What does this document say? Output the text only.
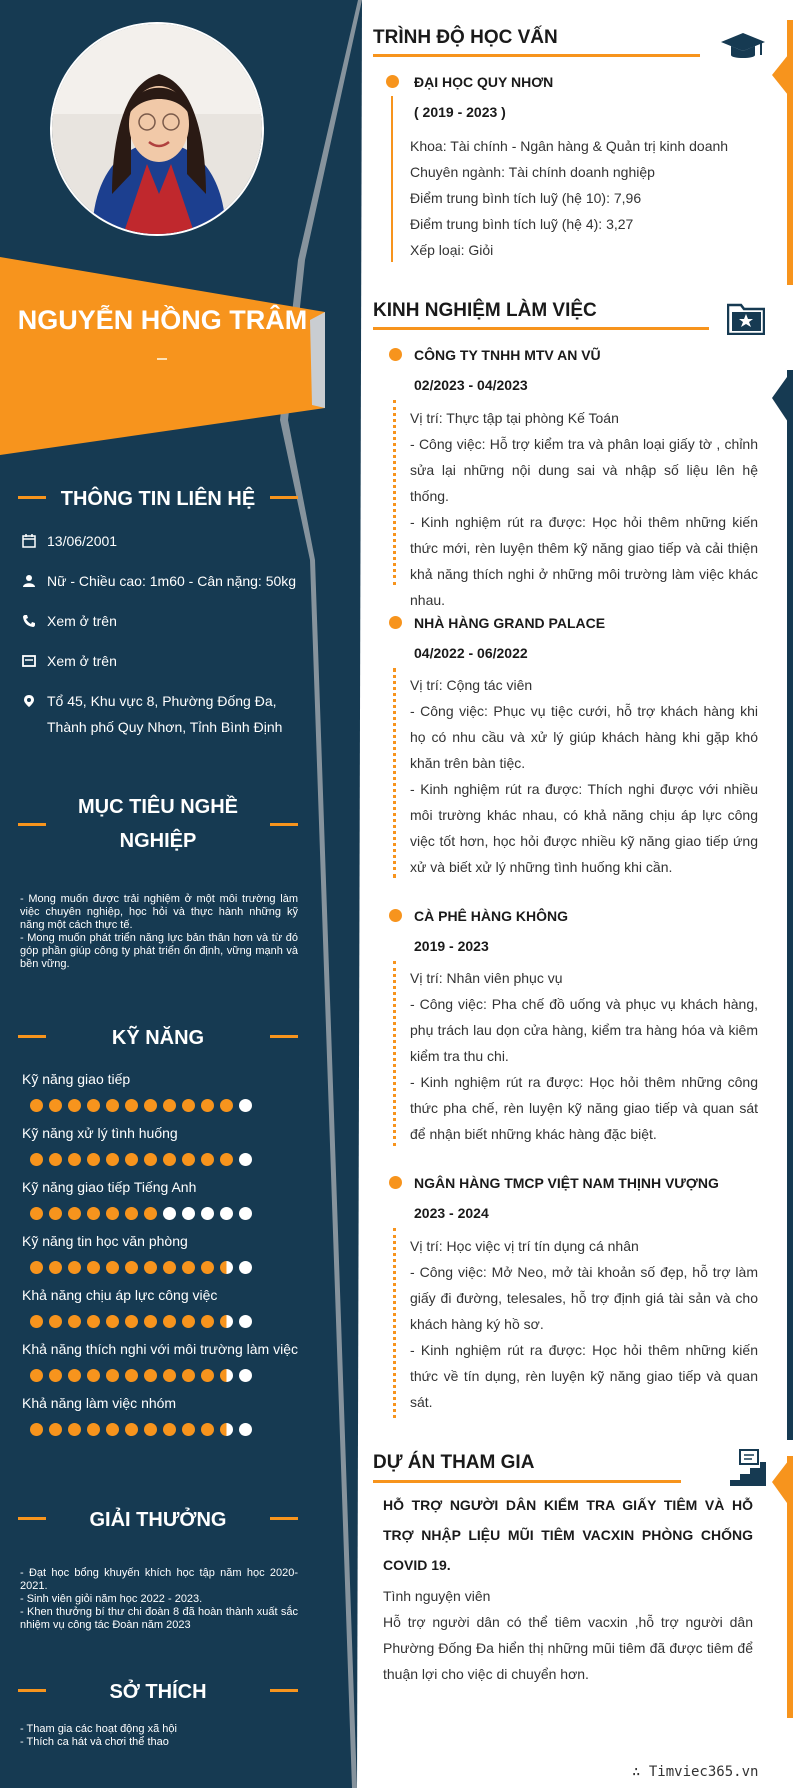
NGUYỄN HỒNG TRÂM
THÔNG TIN LIÊN HỆ
13/06/2001
Nữ - Chiều cao: 1m60 - Cân nặng: 50kg
Xem ở trên
Xem ở trên
Tổ 45, Khu vực 8, Phường Đống Đa, Thành phố Quy Nhơn, Tỉnh Bình Định
MỤC TIÊU NGHỀ NGHIỆP
- Mong muốn được trải nghiệm ở một môi trường làm việc chuyên nghiệp, học hỏi và thực hành những kỹ năng một cách thực tế.
- Mong muốn phát triển năng lực bản thân hơn và từ đó góp phần giúp công ty phát triển ổn định, vững mạnh và bền vững.
KỸ NĂNG
Kỹ năng giao tiếp
Kỹ năng xử lý tình huống
Kỹ năng giao tiếp Tiếng Anh
Kỹ năng tin học văn phòng
Khả năng chịu áp lực công việc
Khả năng thích nghi với môi trường làm việc
Khả năng làm việc nhóm
GIẢI THƯỞNG
- Đạt học bổng khuyến khích học tập năm học 2020- 2021.
- Sinh viên giỏi năm học 2022 - 2023.
- Khen thưởng bí thư chi đoàn 8 đã hoàn thành xuất sắc nhiệm vụ công tác Đoàn năm 2023
SỞ THÍCH
- Tham gia các hoạt động xã hội
- Thích ca hát và chơi thể thao
TRÌNH ĐỘ HỌC VẤN
ĐẠI HỌC QUY NHƠN
( 2019 - 2023 )

Khoa: Tài chính - Ngân hàng & Quản trị kinh doanh

Chuyên ngành: Tài chính doanh nghiệp

Điểm trung bình tích luỹ (hệ 10): 7,96

Điểm trung bình tích luỹ (hệ 4): 3,27

Xếp loại: Giỏi

KINH NGHIỆM LÀM VIỆC
CÔNG TY TNHH MTV AN VŨ
02/2023 - 04/2023

Vị trí: Thực tập tại phòng Kế Toán

- Công việc: Hỗ trợ kiểm tra và phân loại giấy tờ , chỉnh sửa lại những nội dung sai và nhập số liệu lên hệ thống.

- Kinh nghiệm rút ra được: Học hỏi thêm những kiến thức mới, rèn luyện thêm kỹ năng giao tiếp và cải thiện khả năng thích nghi ở những môi trường làm việc khác nhau.

NHÀ HÀNG GRAND PALACE
04/2022 - 06/2022

Vị trí: Cộng tác viên

- Công việc: Phục vụ tiệc cưới, hỗ trợ khách hàng khi họ có nhu cầu và xử lý giúp khách hàng khi gặp khó khăn trên bàn tiệc.

- Kinh nghiệm rút ra được: Thích nghi được với nhiều môi trường khác nhau, có khả năng chịu áp lực công việc tốt hơn, học hỏi được nhiều kỹ năng giao tiếp ứng xử và biết xử lý những tình huống khi cần.

CÀ PHÊ HÀNG KHÔNG
2019 - 2023

Vị trí: Nhân viên phục vụ

- Công việc: Pha chế đồ uống và phục vụ khách hàng, phụ trách lau dọn cửa hàng, kiểm tra hàng hóa và kiêm kiểm tra thu chi.

- Kinh nghiệm rút ra được: Học hỏi thêm những công thức pha chế, rèn luyện kỹ năng giao tiếp và quan sát để nhận biết những khác hàng đặc biệt.

NGÂN HÀNG TMCP VIỆT NAM THỊNH VƯỢNG
2023 - 2024

Vị trí: Học việc vị trí tín dụng cá nhân

- Công việc: Mở Neo, mở tài khoản số đẹp, hỗ trợ làm giấy đi đường, telesales, hỗ trợ định giá tài sản và cho khách hàng ký hồ sơ.

- Kinh nghiệm rút ra được: Học hỏi thêm những kiến thức về tín dụng, rèn luyện kỹ năng giao tiếp và quan sát.

DỰ ÁN THAM GIA
HỖ TRỢ NGƯỜI DÂN KIỂM TRA GIẤY TIÊM VÀ HỖ TRỢ NHẬP LIỆU MŨI TIÊM VACXIN PHÒNG CHỐNG COVID 19.

Tình nguyện viên

Hỗ trợ người dân có thể tiêm vacxin ,hỗ trợ người dân Phường Đống Đa hiển thị những mũi tiêm đã được tiêm để thuận lợi cho việc di chuyển hơn.

∴ Timviec365.vn
